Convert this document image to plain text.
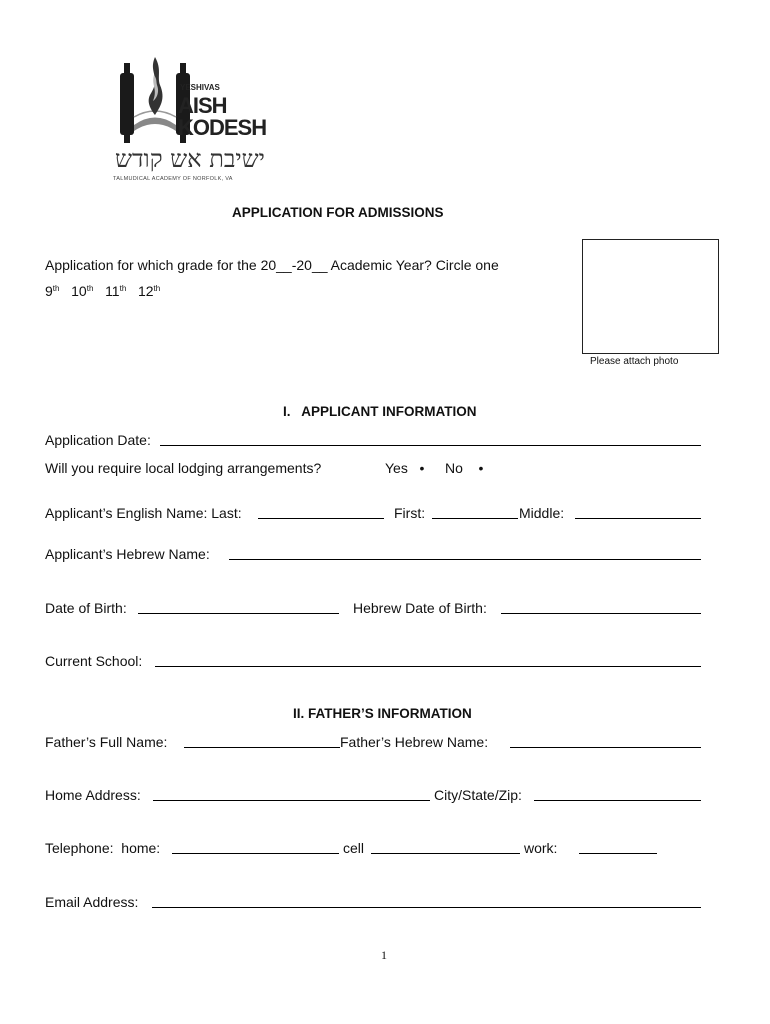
YESHIVAS
AISH
KODESH
ישיבת אש קודש
TALMUDICAL ACADEMY OF NORFOLK, VA
APPLICATION FOR ADMISSIONS
Application for which grade for the 20__-20__ Academic Year? Circle one
9th 10th 11th 12th
Please attach photo
I.   APPLICANT INFORMATION
Application Date:
Will you require local lodging arrangements?	Yes • No •
Applicant’s English Name: Last:	First:	Middle:
Applicant’s Hebrew Name:
Date of Birth:	Hebrew Date of Birth:
Current School:
II. FATHER’S INFORMATION
Father’s Full Name:	Father’s Hebrew Name:
Home Address:	City/State/Zip:
Telephone:  home:	cell	work:
Email Address:
1
